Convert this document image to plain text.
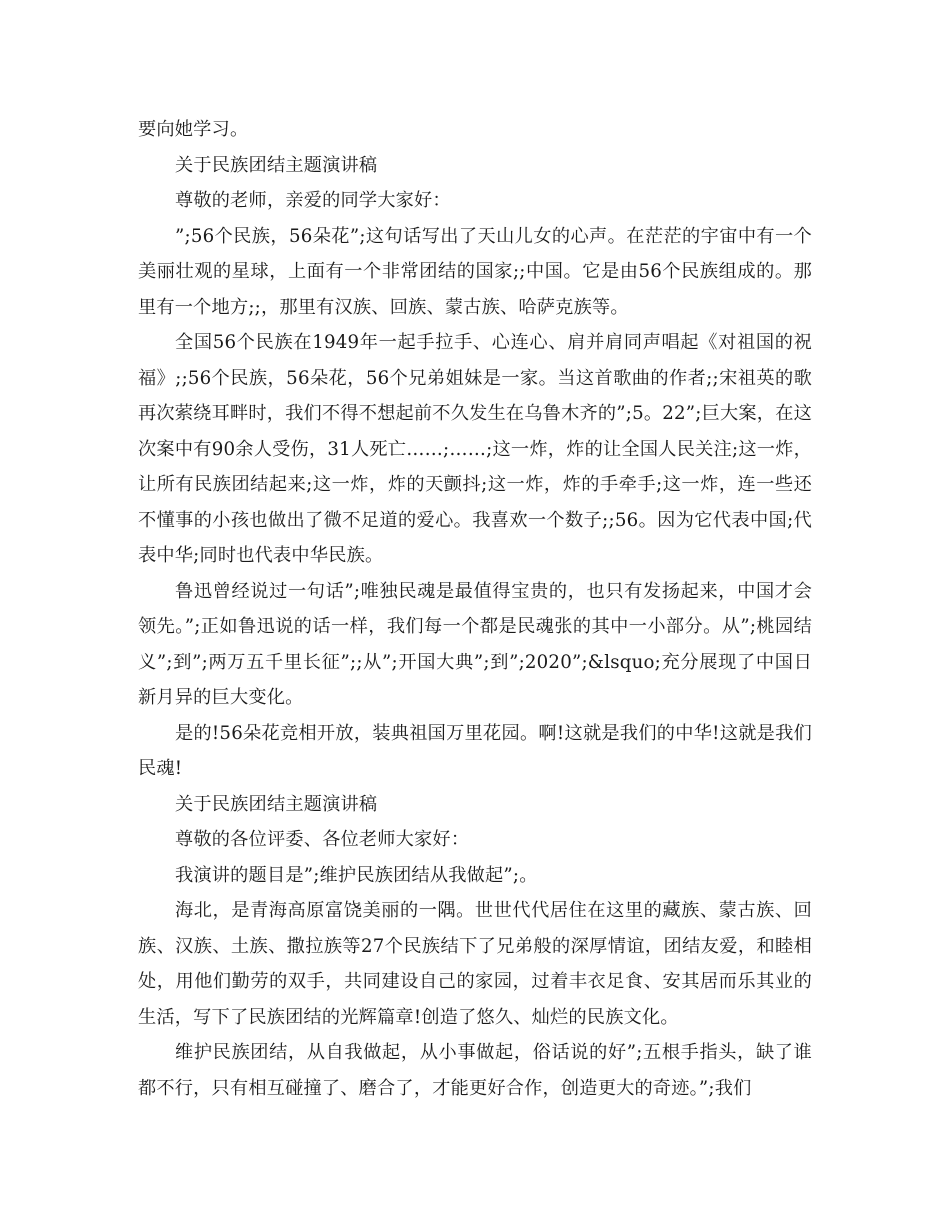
要向她学习。

关于民族团结主题演讲稿

尊敬的老师，亲爱的同学大家好：

”;56个民族，56朵花”;这句话写出了天山儿女的心声。在茫茫的宇宙中有一个美丽壮观的星球，上面有一个非常团结的国家;;中国。它是由56个民族组成的。那里有一个地方;;，那里有汉族、回族、蒙古族、哈萨克族等。

全国56个民族在1949年一起手拉手、心连心、肩并肩同声唱起《对祖国的祝福》;;56个民族，56朵花，56个兄弟姐妹是一家。当这首歌曲的作者;;宋祖英的歌再次萦绕耳畔时，我们不得不想起前不久发生在乌鲁木齐的”;5。22”;巨大案，在这次案中有90余人受伤，31人死亡……;……;这一炸，炸的让全国人民关注;这一炸，让所有民族团结起来;这一炸，炸的天颤抖;这一炸，炸的手牵手;这一炸，连一些还不懂事的小孩也做出了微不足道的爱心。我喜欢一个数子;;56。因为它代表中国;代表中华;同时也代表中华民族。

鲁迅曾经说过一句话”;唯独民魂是最值得宝贵的，也只有发扬起来，中国才会领先。”;正如鲁迅说的话一样，我们每一个都是民魂张的其中一小部分。从”;桃园结义”;到”;两万五千里长征”;;从”;开国大典”;到”;2020”;&lsquo;充分展现了中国日新月异的巨大变化。

是的!56朵花竞相开放，装典祖国万里花园。啊!这就是我们的中华!这就是我们民魂!

关于民族团结主题演讲稿

尊敬的各位评委、各位老师大家好：

我演讲的题目是”;维护民族团结从我做起”;。

海北，是青海高原富饶美丽的一隅。世世代代居住在这里的藏族、蒙古族、回族、汉族、土族、撒拉族等27个民族结下了兄弟般的深厚情谊，团结友爱，和睦相处，用他们勤劳的双手，共同建设自己的家园，过着丰衣足食、安其居而乐其业的生活，写下了民族团结的光辉篇章!创造了悠久、灿烂的民族文化。

维护民族团结，从自我做起，从小事做起，俗话说的好”;五根手指头，缺了谁都不行，只有相互碰撞了、磨合了，才能更好合作，创造更大的奇迹。”;我们
